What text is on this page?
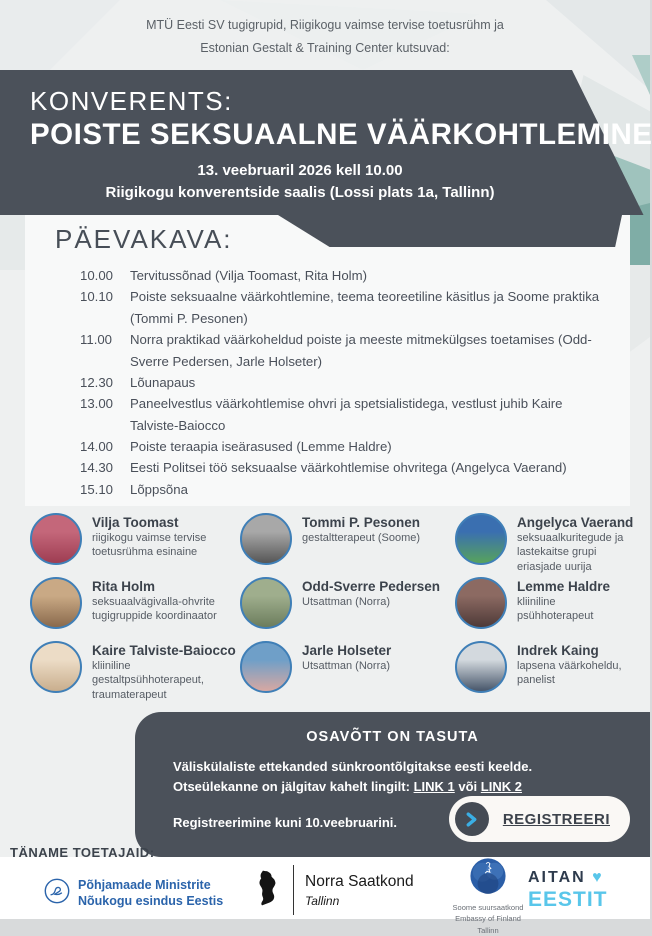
MTÜ Eesti SV tugigrupid, Riigikogu vaimse tervise toetusrühm ja
Estonian Gestalt & Training Center kutsuvad:
KONVERENTS:
POISTE SEKSUAALNE VÄÄRKOHTLEMINE
13. veebruaril 2026 kell 10.00
Riigikogu konverentside saalis (Lossi plats 1a, Tallinn)
PÄEVAKAVA:
10.00	Tervitussõnad (Vilja Toomast, Rita Holm)
10.10	Poiste seksuaalne väärkohtlemine, teema teoreetiline käsitlus ja Soome praktika (Tommi P. Pesonen)
11.00	Norra praktikad väärkoheldud poiste ja meeste mitmekülgses toetamises (Odd-Sverre Pedersen, Jarle Holseter)
12.30	Lõunapaus
13.00	Paneelvestlus väärkohtlemise ohvri ja spetsialistidega, vestlust juhib Kaire Talviste-Baiocco
14.00	Poiste teraapia iseärasused (Lemme Haldre)
14.30	Eesti Politsei töö seksuaalse väärkohtlemise ohvritega (Angelyca Vaerand)
15.10	Lõppsõna
Vilja Toomast
riigikogu vaimse tervise toetusrühma esinaine
Tommi P. Pesonen
gestaltterapeut (Soome)
Angelyca Vaerand
seksuaalkuritegude ja lastekaitse grupi eriasjade uurija
Rita Holm
seksuaalvägivalla-ohvrite tugigruppide koordinaator
Odd-Sverre Pedersen
Utsattman (Norra)
Lemme Haldre
kliiniline psühhoterapeut
Kaire Talviste-Baiocco
kliiniline gestaltpsühhoterapeut, traumaterapeut
Jarle Holseter
Utsattman (Norra)
Indrek Kaing
lapsena väärkoheldu, panelist
OSAVÕTT ON TASUTA
Väliskülaliste ettekanded sünkroontõlgitakse eesti keelde.
Otseülekanne on jälgitav kahelt lingilt: LINK 1 või LINK 2
Registreerimine kuni 10.veebruarini.	REGISTREERI
TÄNAME TOETAJAID:
Põhjamaade Ministrite
Nõukogu esindus Eestis
Norra Saatkond
Tallinn	Soome suursaatkond
Embassy of Finland
Tallinn
AITAN ♥
EESTIT
